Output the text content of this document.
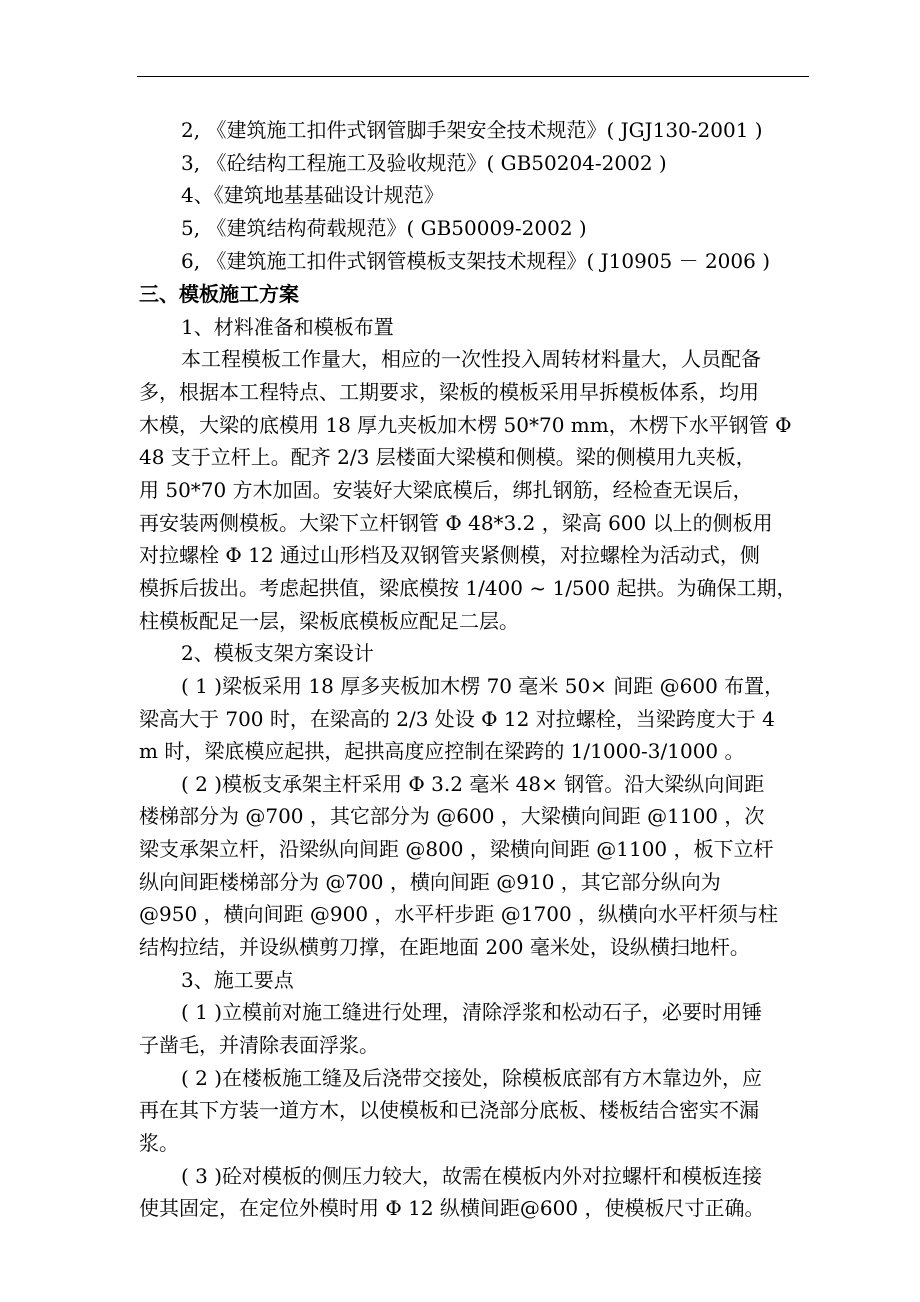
2, 《建筑施工扣件式钢管脚手架安全技术规范》( JGJ130-2001 )
3, 《砼结构工程施工及验收规范》( GB50204-2002 )
4、《建筑地基基础设计规范》
5, 《建筑结构荷载规范》( GB50009-2002 )
6, 《建筑施工扣件式钢管模板支架技术规程》( J10905 － 2006 )
三、模板施工方案
1、材料准备和模板布置
本工程模板工作量大，相应的一次性投入周转材料量大，人员配备
多，根据本工程特点、工期要求，梁板的模板采用早拆模板体系，均用
木模，大梁的底模用 18 厚九夹板加木楞 50*70 mm，木楞下水平钢管 Φ
48 支于立杆上。配齐 2/3 层楼面大梁模和侧模。梁的侧模用九夹板，
用 50*70 方木加固。安装好大梁底模后，绑扎钢筋，经检查无误后，
再安装两侧模板。大梁下立杆钢管 Φ 48*3.2 ，梁高 600 以上的侧板用
对拉螺栓 Φ 12 通过山形档及双钢管夹紧侧模，对拉螺栓为活动式，侧
模拆后拔出。考虑起拱值，梁底模按 1/400 ~ 1/500 起拱。为确保工期，
柱模板配足一层，梁板底模板应配足二层。
2、模板支架方案设计
( 1 )梁板采用 18 厚多夹板加木楞 70 毫米 50× 间距 @600 布置，
梁高大于 700 时，在梁高的 2/3 处设 Φ 12 对拉螺栓，当梁跨度大于 4
m 时，梁底模应起拱，起拱高度应控制在梁跨的 1/1000-3/1000 。
( 2 )模板支承架主杆采用 Φ 3.2 毫米 48× 钢管。沿大梁纵向间距
楼梯部分为 @700 ，其它部分为 @600 ，大梁横向间距 @1100 ，次
梁支承架立杆，沿梁纵向间距 @800 ，梁横向间距 @1100 ，板下立杆
纵向间距楼梯部分为 @700 ，横向间距 @910 ，其它部分纵向为
@950 ，横向间距 @900 ，水平杆步距 @1700 ，纵横向水平杆须与柱
结构拉结，并设纵横剪刀撑，在距地面 200 毫米处，设纵横扫地杆。
3、施工要点
( 1 )立模前对施工缝进行处理，清除浮浆和松动石子，必要时用锤
子凿毛，并清除表面浮浆。
( 2 )在楼板施工缝及后浇带交接处，除模板底部有方木靠边外，应
再在其下方装一道方木，以使模板和已浇部分底板、楼板结合密实不漏
浆。
( 3 )砼对模板的侧压力较大，故需在模板内外对拉螺杆和模板连接
使其固定，在定位外模时用 Φ 12 纵横间距@600 ，使模板尺寸正确。
